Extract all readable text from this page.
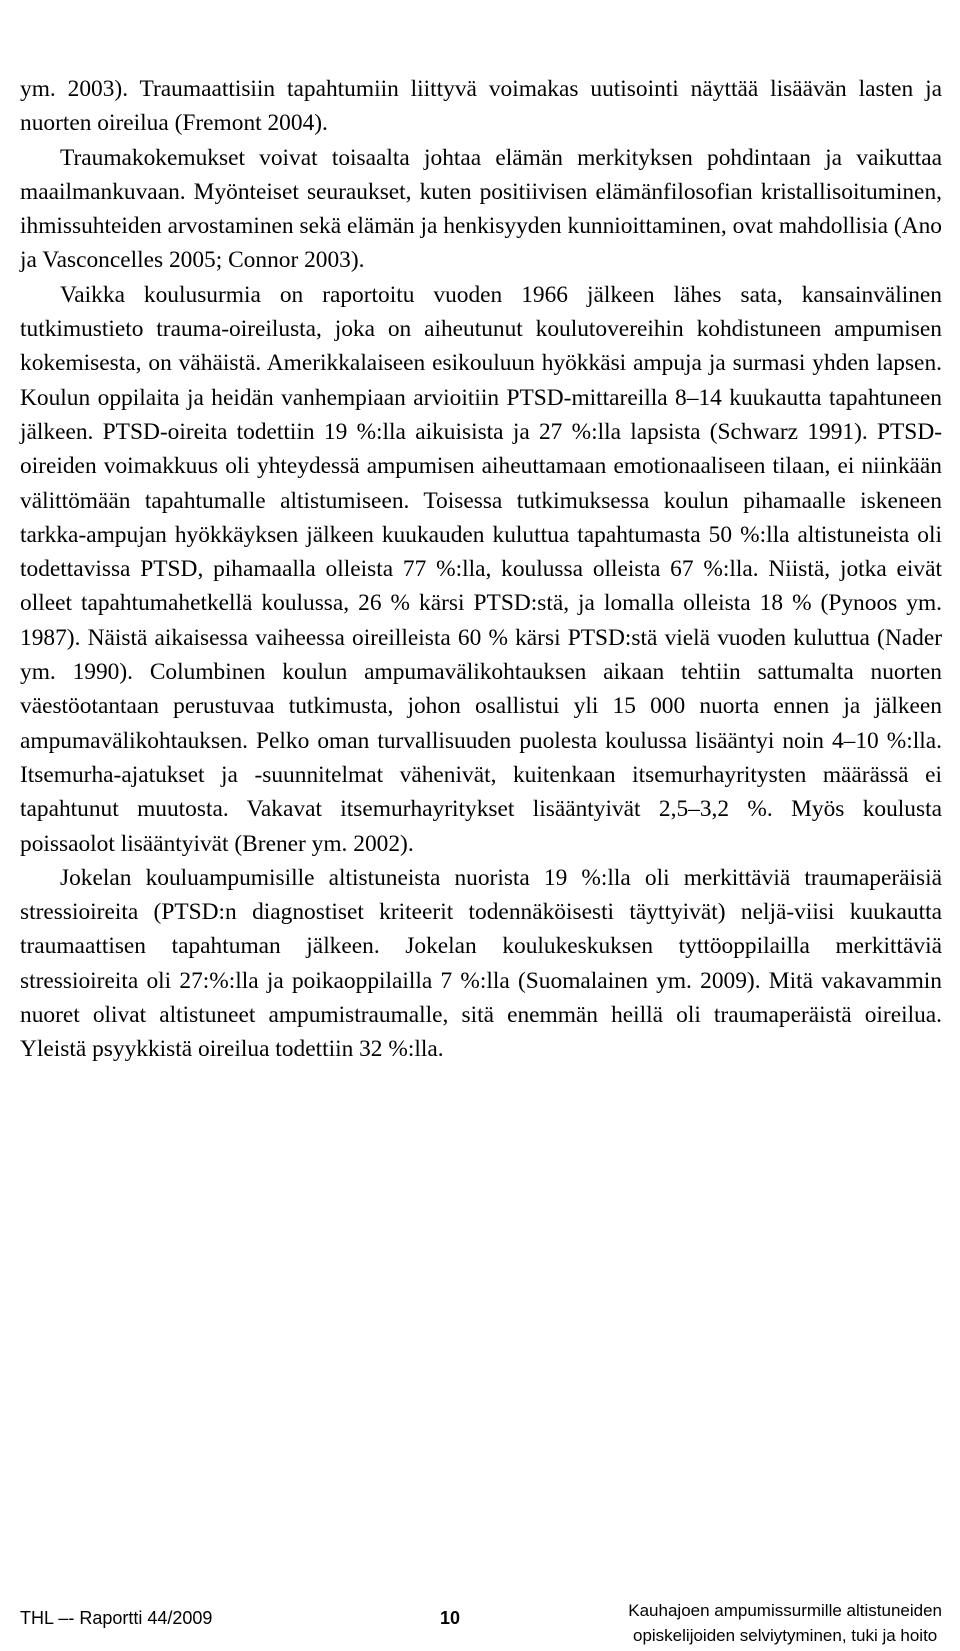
ym. 2003). Traumaattisiin tapahtumiin liittyvä voimakas uutisointi näyttää lisäävän lasten ja nuorten oireilua (Fremont 2004).

Traumakokemukset voivat toisaalta johtaa elämän merkityksen pohdintaan ja vaikuttaa maailmankuvaan. Myönteiset seuraukset, kuten positiivisen elämänfilosofian kristallisoituminen, ihmissuhteiden arvostaminen sekä elämän ja henkisyyden kunnioittaminen, ovat mahdollisia (Ano ja Vasconcelles 2005; Connor 2003).

Vaikka koulusurmia on raportoitu vuoden 1966 jälkeen lähes sata, kansainvälinen tutkimustieto trauma-oireilusta, joka on aiheutunut koulutovereihin kohdistuneen ampumisen kokemisesta, on vähäistä. Amerikkalaiseen esikouluun hyökkäsi ampuja ja surmasi yhden lapsen. Koulun oppilaita ja heidän vanhempiaan arvioitiin PTSD-mittareilla 8–14 kuukautta tapahtuneen jälkeen. PTSD-oireita todettiin 19 %:lla aikuisista ja 27 %:lla lapsista (Schwarz 1991). PTSD-oireiden voimakkuus oli yhteydessä ampumisen aiheuttamaan emotionaaliseen tilaan, ei niinkään välittömään tapahtumalle altistumiseen. Toisessa tutkimuksessa koulun pihamaalle iskeneen tarkka-ampujan hyökkäyksen jälkeen kuukauden kuluttua tapahtumasta 50 %:lla altistuneista oli todettavissa PTSD, pihamaalla olleista 77 %:lla, koulussa olleista 67 %:lla. Niistä, jotka eivät olleet tapahtumahetkellä koulussa, 26 % kärsi PTSD:stä, ja lomalla olleista 18 % (Pynoos ym. 1987). Näistä aikaisessa vaiheessa oireilleista 60 % kärsi PTSD:stä vielä vuoden kuluttua (Nader ym. 1990). Columbinen koulun ampumavälikohtauksen aikaan tehtiin sattumalta nuorten väestöotantaan perustuvaa tutkimusta, johon osallistui yli 15 000 nuorta ennen ja jälkeen ampumavälikohtauksen. Pelko oman turvallisuuden puolesta koulussa lisääntyi noin 4–10 %:lla. Itsemurha-ajatukset ja -suunnitelmat vähenivät, kuitenkaan itsemurhayritysten määrässä ei tapahtunut muutosta. Vakavat itsemurhayritykset lisääntyivät 2,5–3,2 %. Myös koulusta poissaolot lisääntyivät (Brener ym. 2002).

Jokelan kouluampumisille altistuneista nuorista 19 %:lla oli merkittäviä traumaperäisiä stressioireita (PTSD:n diagnostiset kriteerit todennäköisesti täyttyivät) neljä-viisi kuukautta traumaattisen tapahtuman jälkeen. Jokelan koulukeskuksen tyttöoppilailla merkittäviä stressioireita oli 27:%:lla ja poikaoppilailla 7 %:lla (Suomalainen ym. 2009). Mitä vakavammin nuoret olivat altistuneet ampumistraumalle, sitä enemmän heillä oli traumaperäistä oireilua. Yleistä psyykkistä oireilua todettiin 32 %:lla.

THL –- Raportti 44/2009	10	Kauhajoen ampumissurmille altistuneiden
opiskelijoiden selviytyminen, tuki ja hoito
